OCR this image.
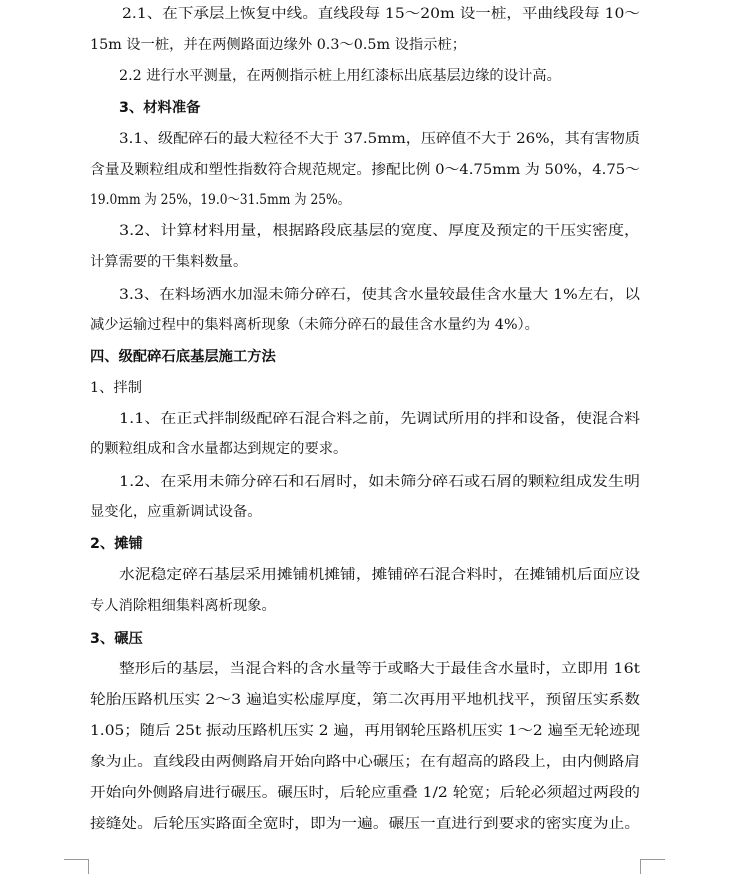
2.1、在下承层上恢复中线。直线段每 15～20m 设一桩，平曲线段每 10～
15m 设一桩，并在两侧路面边缘外 0.3～0.5m 设指示桩；
2.2 进行水平测量，在两侧指示桩上用红漆标出底基层边缘的设计高。
3、材料准备
3.1、级配碎石的最大粒径不大于 37.5mm，压碎值不大于 26%，其有害物质
含量及颗粒组成和塑性指数符合规范规定。掺配比例 0～4.75mm 为 50%，4.75～
19.0mm 为 25%，19.0～31.5mm 为 25%。
3.2、计算材料用量，根据路段底基层的宽度、厚度及预定的干压实密度，
计算需要的干集料数量。
3.3、在料场洒水加湿未筛分碎石，使其含水量较最佳含水量大 1%左右，以
减少运输过程中的集料离析现象（未筛分碎石的最佳含水量约为 4%）。
四、级配碎石底基层施工方法
1、拌制
1.1、在正式拌制级配碎石混合料之前，先调试所用的拌和设备，使混合料
的颗粒组成和含水量都达到规定的要求。
1.2、在采用未筛分碎石和石屑时，如未筛分碎石或石屑的颗粒组成发生明
显变化，应重新调试设备。
2、摊铺
水泥稳定碎石基层采用摊铺机摊铺，摊铺碎石混合料时，在摊铺机后面应设
专人消除粗细集料离析现象。
3、碾压
整形后的基层，当混合料的含水量等于或略大于最佳含水量时，立即用 16t
轮胎压路机压实 2～3 遍追实松虚厚度，第二次再用平地机找平，预留压实系数
1.05；随后 25t 振动压路机压实 2 遍，再用钢轮压路机压实 1～2 遍至无轮迹现
象为止。直线段由两侧路肩开始向路中心碾压；在有超高的路段上，由内侧路肩
开始向外侧路肩进行碾压。碾压时，后轮应重叠 1/2 轮宽；后轮必须超过两段的
接缝处。后轮压实路面全宽时，即为一遍。碾压一直进行到要求的密实度为止。
